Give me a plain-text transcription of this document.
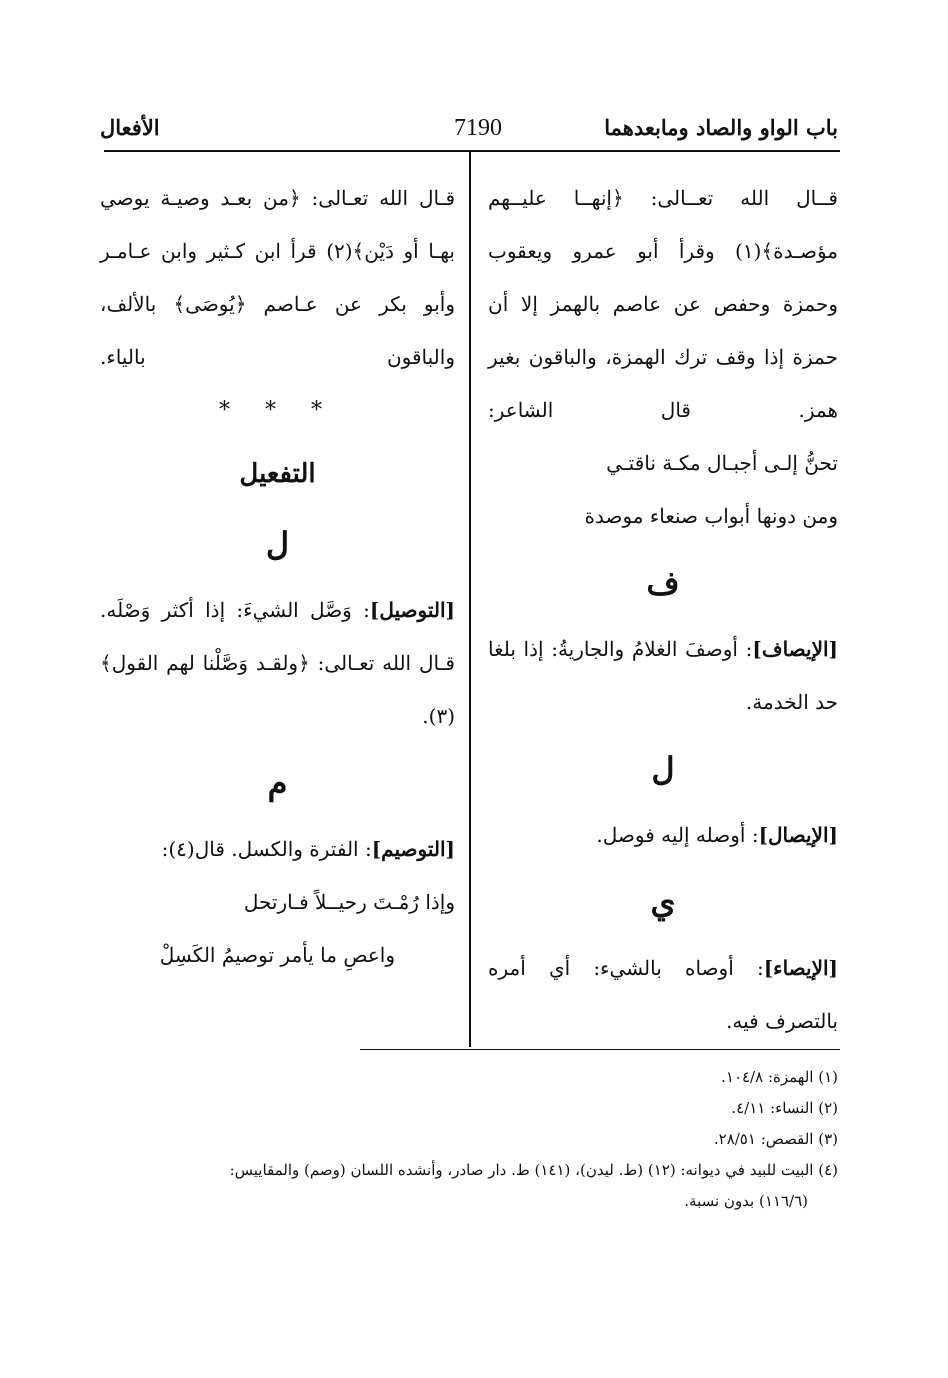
باب الواو والصاد ومابعدهما
7190
الأفعال

قــال الله تعــالى: ﴿إنهــا عليــهم مؤصـدة﴾(١) وقرأ أبو عمرو ويعقوب وحمزة وحفص عن عاصم بالهمز إلا أن حمزة إذا وقف ترك الهمزة، والباقون بغير همز. قال الشاعر:

تحنُّ إلـى أجبـال مكـة ناقتـي

ومن دونها أبواب صنعاء موصدة

ف

[الإيصاف]: أوصفَ الغلامُ والجاريةُ: إذا بلغا حد الخدمة.

ل

[الإيصال]: أوصله إليه فوصل.

ي

[الإيصاء]: أوصاه بالشيء: أي أمره بالتصرف فيه.

قـال الله تعـالى: ﴿من بعـد وصيـة يوصي بهـا أو دَيْن﴾(٢) قرأ ابن كـثير وابن عـامـر وأبو بكر عن عـاصم ﴿يُوصَى﴾ بالألف، والباقون بالياء.

* * *

التفعيل

ل

[التوصيل]: وَصَّل الشيءَ: إذا أكثر وَصْلَه. قـال الله تعـالى: ﴿ولقـد وَصَّلْنا لهم القول﴾(٣).

م

[التوصيم]: الفترة والكسل. قال(٤):

وإذا رُمْـتَ رحيــلاً فـارتحل

واعصِ ما يأمر توصيمُ الكَسِلْ

(١) الهمزة: ١٠٤/٨.

(٢) النساء: ٤/١١.

(٣) القصص: ٢٨/٥١.

(٤) البيت للبيد في ديوانه: (١٢) (ط. ليدن)، (١٤١) ط. دار صادر، وأنشده اللسان (وصم) والمقاييس:

(١١٦/٦) بدون نسبة.
